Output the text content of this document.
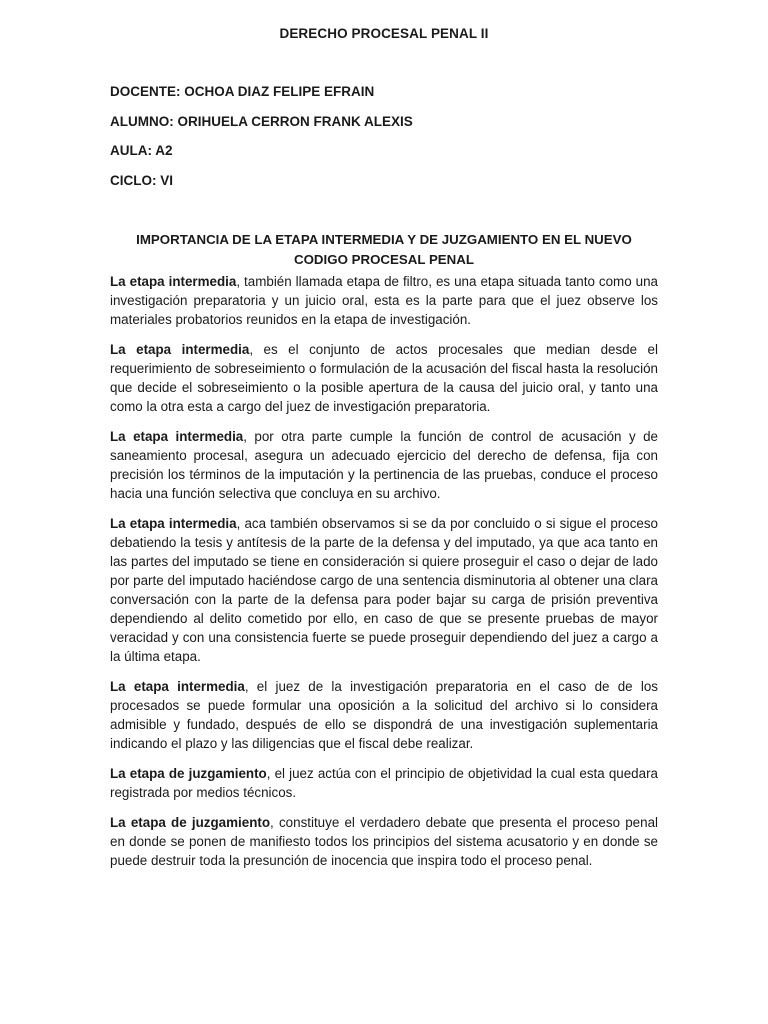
DERECHO PROCESAL PENAL II
DOCENTE: OCHOA DIAZ FELIPE EFRAIN
ALUMNO: ORIHUELA CERRON FRANK ALEXIS
AULA: A2
CICLO: VI
IMPORTANCIA DE LA ETAPA INTERMEDIA Y DE JUZGAMIENTO EN EL NUEVO CODIGO PROCESAL PENAL

La etapa intermedia, también llamada etapa de filtro, es una etapa situada tanto como una investigación preparatoria y un juicio oral, esta es la parte para que el juez observe los materiales probatorios reunidos en la etapa de investigación.

La etapa intermedia, es el conjunto de actos procesales que median desde el requerimiento de sobreseimiento o formulación de la acusación del fiscal hasta la resolución que decide el sobreseimiento o la posible apertura de la causa del juicio oral, y tanto una como la otra esta a cargo del juez de investigación preparatoria.

La etapa intermedia, por otra parte cumple la función de control de acusación y de saneamiento procesal, asegura un adecuado ejercicio del derecho de defensa, fija con precisión los términos de la imputación y la pertinencia de las pruebas, conduce el proceso hacia una función selectiva que concluya en su archivo.

La etapa intermedia, aca también observamos si se da por concluido o si sigue el proceso debatiendo la tesis y antítesis de la parte de la defensa y del imputado, ya que aca tanto en las partes del imputado se tiene en consideración si quiere proseguir el caso o dejar de lado por parte del imputado haciéndose cargo de una sentencia disminutoria al obtener una clara conversación con la parte de la defensa para poder bajar su carga de prisión preventiva dependiendo al delito cometido por ello, en caso de que se presente pruebas de mayor veracidad y con una consistencia fuerte se puede proseguir dependiendo del juez a cargo a la última etapa.

La etapa intermedia, el juez de la investigación preparatoria en el caso de de los procesados se puede formular una oposición a la solicitud del archivo si lo considera admisible y fundado, después de ello se dispondrá de una investigación suplementaria indicando el plazo y las diligencias que el fiscal debe realizar.

La etapa de juzgamiento, el juez actúa con el principio de objetividad la cual esta quedara registrada por medios técnicos.

La etapa de juzgamiento, constituye el verdadero debate que presenta el proceso penal en donde se ponen de manifiesto todos los principios del sistema acusatorio y en donde se puede destruir toda la presunción de inocencia que inspira todo el proceso penal.
